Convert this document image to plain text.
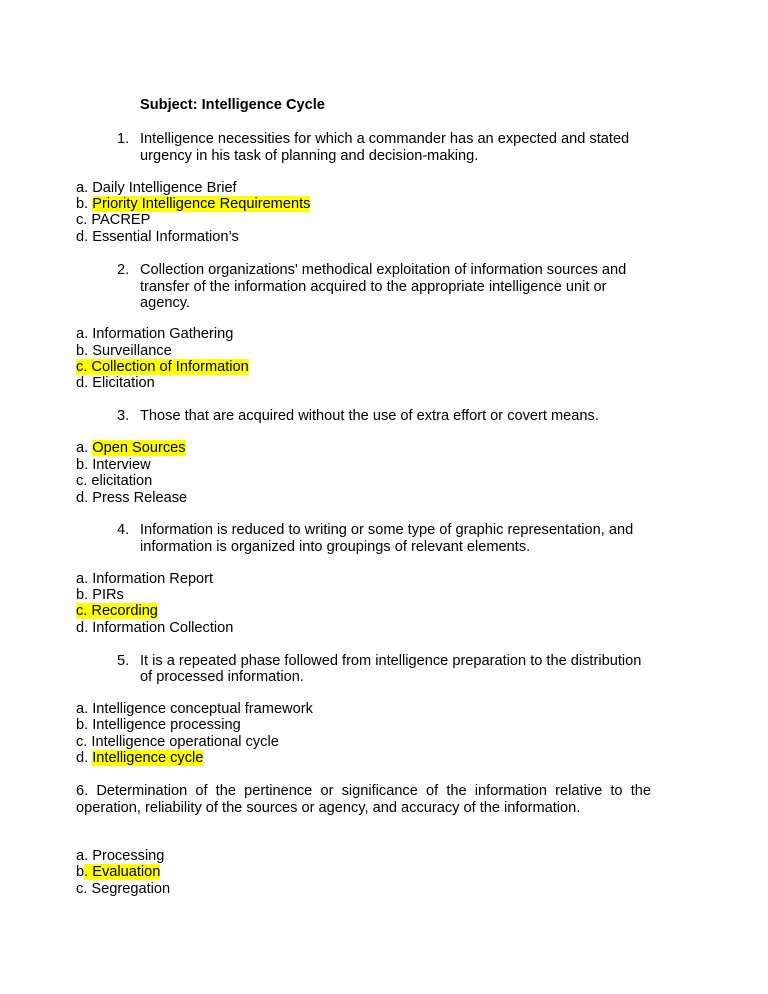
Subject: Intelligence Cycle
1. Intelligence necessities for which a commander has an expected and stated
urgency in his task of planning and decision-making.
a. Daily Intelligence Brief
b. Priority Intelligence Requirements
c. PACREP
d. Essential Information’s
2. Collection organizations' methodical exploitation of information sources and
transfer of the information acquired to the appropriate intelligence unit or
agency.
a. Information Gathering
b. Surveillance
c. Collection of Information
d. Elicitation
3. Those that are acquired without the use of extra effort or covert means.
a. Open Sources
b. Interview
c. elicitation
d. Press Release
4. Information is reduced to writing or some type of graphic representation, and
information is organized into groupings of relevant elements.
a. Information Report
b. PIRs
c. Recording
d. Information Collection
5. It is a repeated phase followed from intelligence preparation to the distribution
of processed information.
a. Intelligence conceptual framework
b. Intelligence processing
c. Intelligence operational cycle
d. Intelligence cycle
6. Determination of the pertinence or significance of the information relative to the operation, reliability of the sources or agency, and accuracy of the information.
a. Processing
b. Evaluation
c. Segregation
